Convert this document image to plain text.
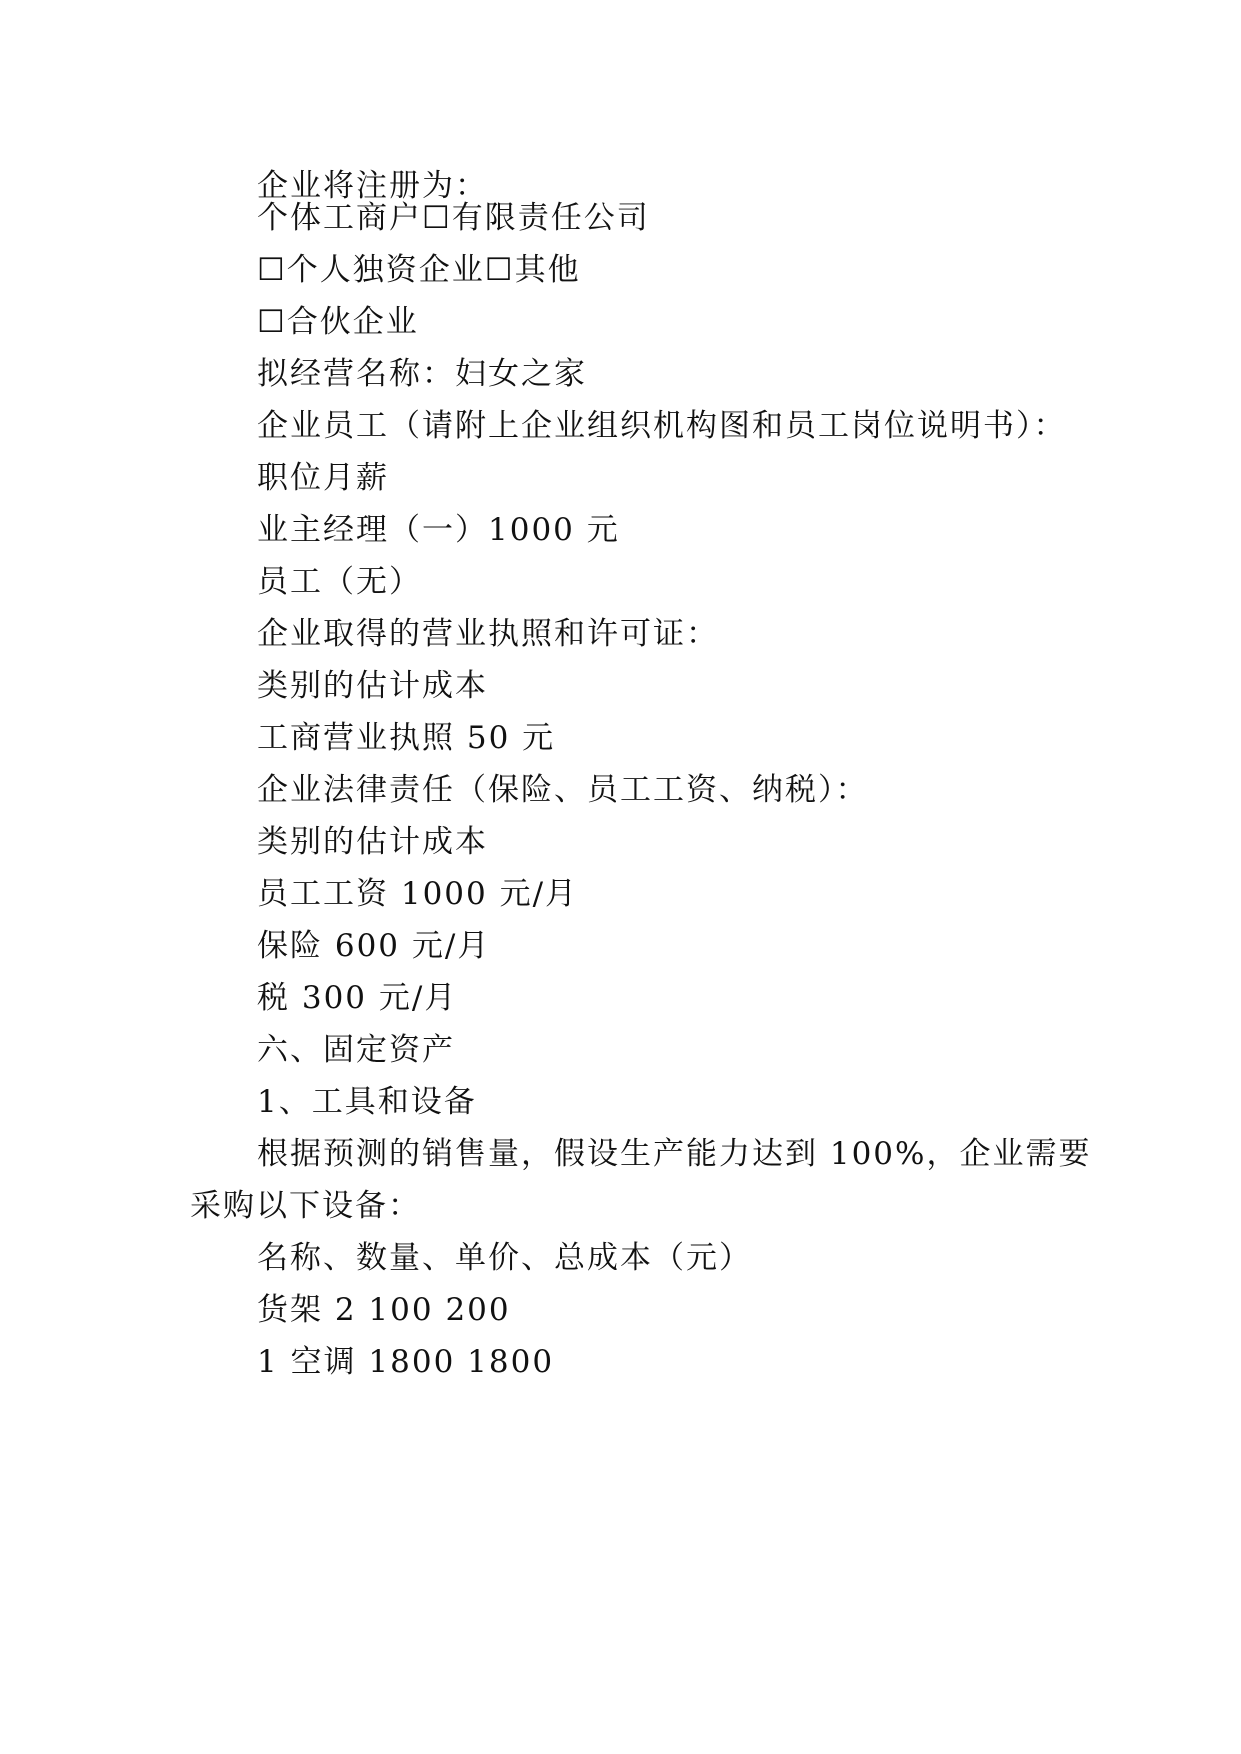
企业将注册为：
个体工商户☐有限责任公司
☐个人独资企业☐其他
☐合伙企业
拟经营名称：妇女之家
企业员工（请附上企业组织机构图和员工岗位说明书）：
职位月薪
业主经理（一）1000 元
员工（无）
企业取得的营业执照和许可证：
类别的估计成本
工商营业执照 50 元
企业法律责任（保险、员工工资、纳税）：
类别的估计成本
员工工资 1000 元/月
保险 600 元/月
税 300 元/月
六、固定资产
1、工具和设备
根据预测的销售量，假设生产能力达到 100%，企业需要
采购以下设备：
名称、数量、单价、总成本（元）
货架 2 100 200
1 空调 1800 1800
